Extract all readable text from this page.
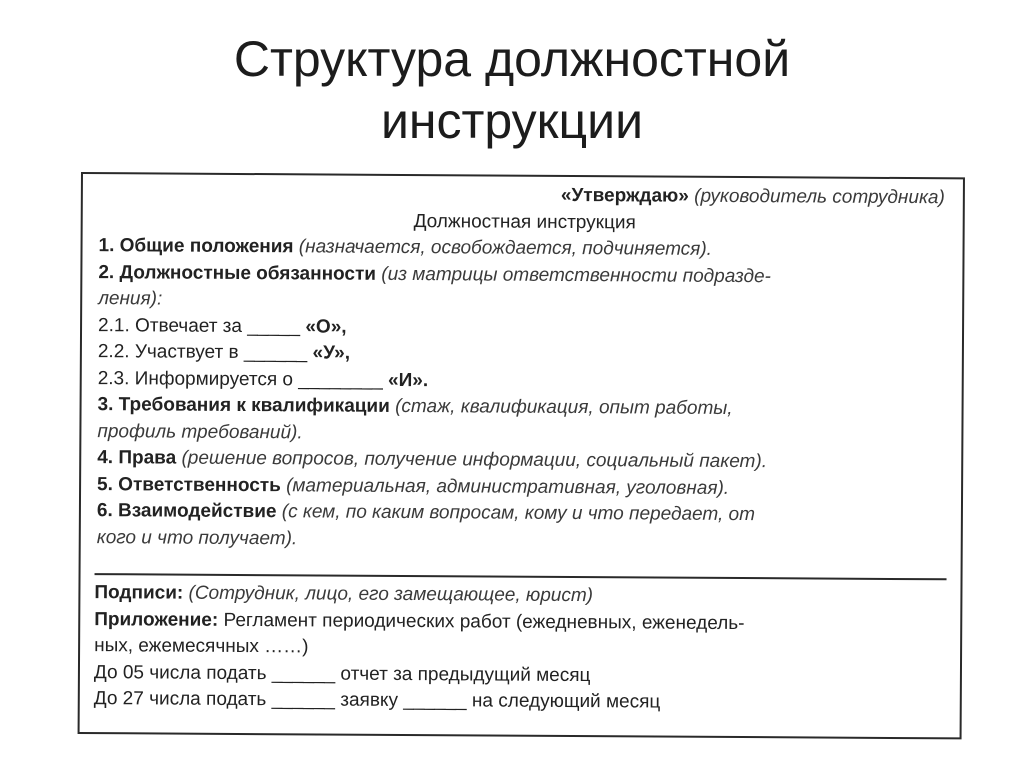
Структура должностной
инструкции
«Утверждаю» (руководитель сотрудника)
Должностная инструкция
1. Общие положения (назначается, освобождается, подчиняется).
2. Должностные обязанности (из матрицы ответственности подразде-
ления):
2.1. Отвечает за _____ «О»,
2.2. Участвует в ______ «У»,
2.3. Информируется о ________ «И».
3. Требования к квалификации (стаж, квалификация, опыт работы,
профиль требований).
4. Права (решение вопросов, получение информации, социальный пакет).
5. Ответственность (материальная, административная, уголовная).
6. Взаимодействие (с кем, по каким вопросам, кому и что передает, от
кого и что получает).
Подписи: (Сотрудник, лицо, его замещающее, юрист)
Приложение: Регламент периодических работ (ежедневных, еженедель-
ных, ежемесячных ……)
До 05 числа подать ______ отчет за предыдущий месяц
До 27 числа подать ______ заявку ______ на следующий месяц
